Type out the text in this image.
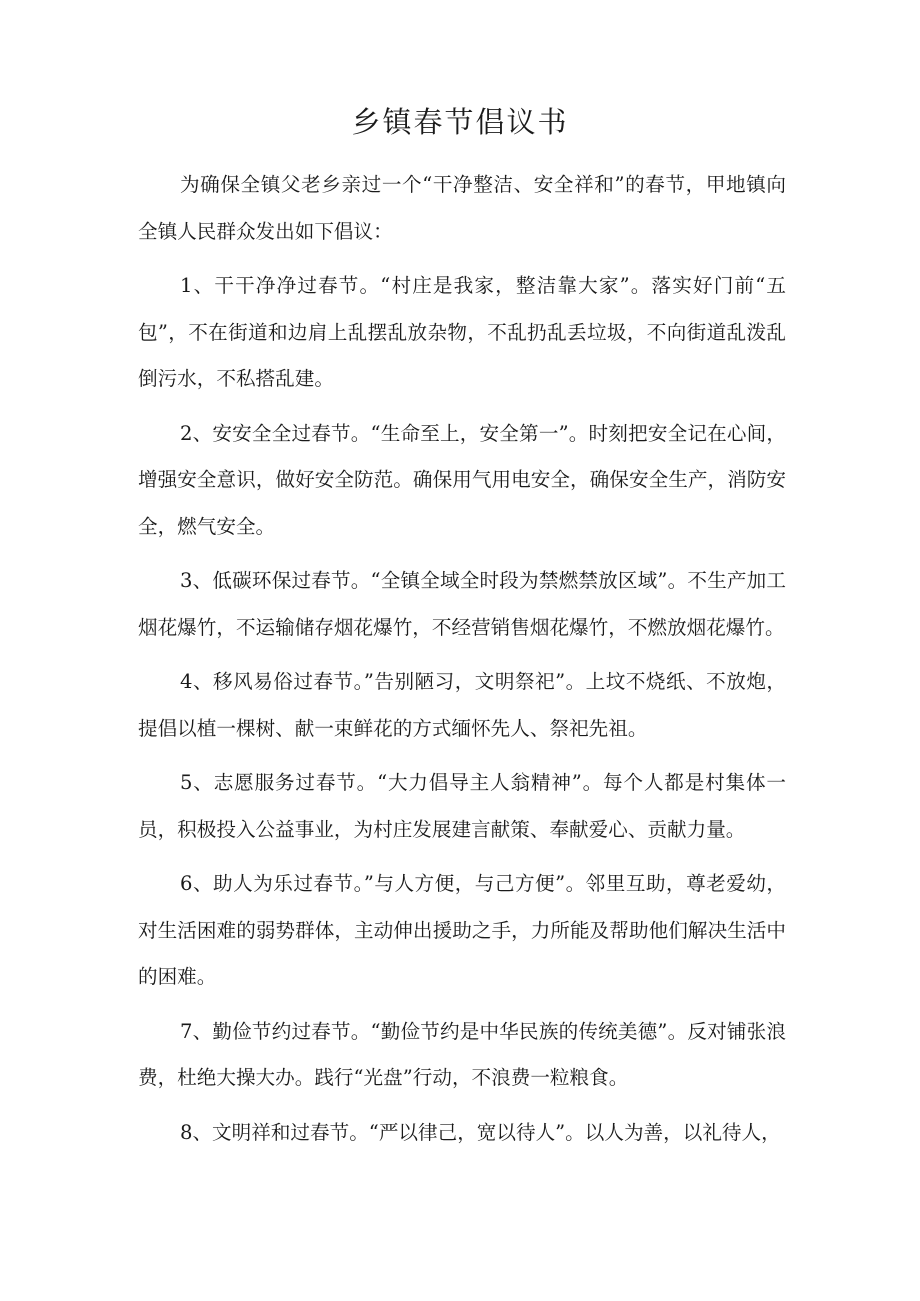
乡镇春节倡议书

为确保全镇父老乡亲过一个“干净整洁、安全祥和”的春节，甲地镇向全镇人民群众发出如下倡议：

1、干干净净过春节。“村庄是我家，整洁靠大家”。落实好门前“五包”，不在街道和边肩上乱摆乱放杂物，不乱扔乱丢垃圾，不向街道乱泼乱倒污水，不私搭乱建。

2、安安全全过春节。“生命至上，安全第一”。时刻把安全记在心间，增强安全意识，做好安全防范。确保用气用电安全，确保安全生产，消防安全，燃气安全。

3、低碳环保过春节。“全镇全域全时段为禁燃禁放区域”。不生产加工烟花爆竹，不运输储存烟花爆竹，不经营销售烟花爆竹，不燃放烟花爆竹。

4、移风易俗过春节。”告别陋习，文明祭祀”。上坟不烧纸、不放炮，提倡以植一棵树、献一束鲜花的方式缅怀先人、祭祀先祖。

5、志愿服务过春节。“大力倡导主人翁精神”。每个人都是村集体一员，积极投入公益事业，为村庄发展建言献策、奉献爱心、贡献力量。

6、助人为乐过春节。”与人方便，与己方便”。邻里互助，尊老爱幼，对生活困难的弱势群体，主动伸出援助之手，力所能及帮助他们解决生活中的困难。

7、勤俭节约过春节。“勤俭节约是中华民族的传统美德”。反对铺张浪费，杜绝大操大办。践行“光盘”行动，不浪费一粒粮食。

8、文明祥和过春节。“严以律己，宽以待人”。以人为善，以礼待人，
